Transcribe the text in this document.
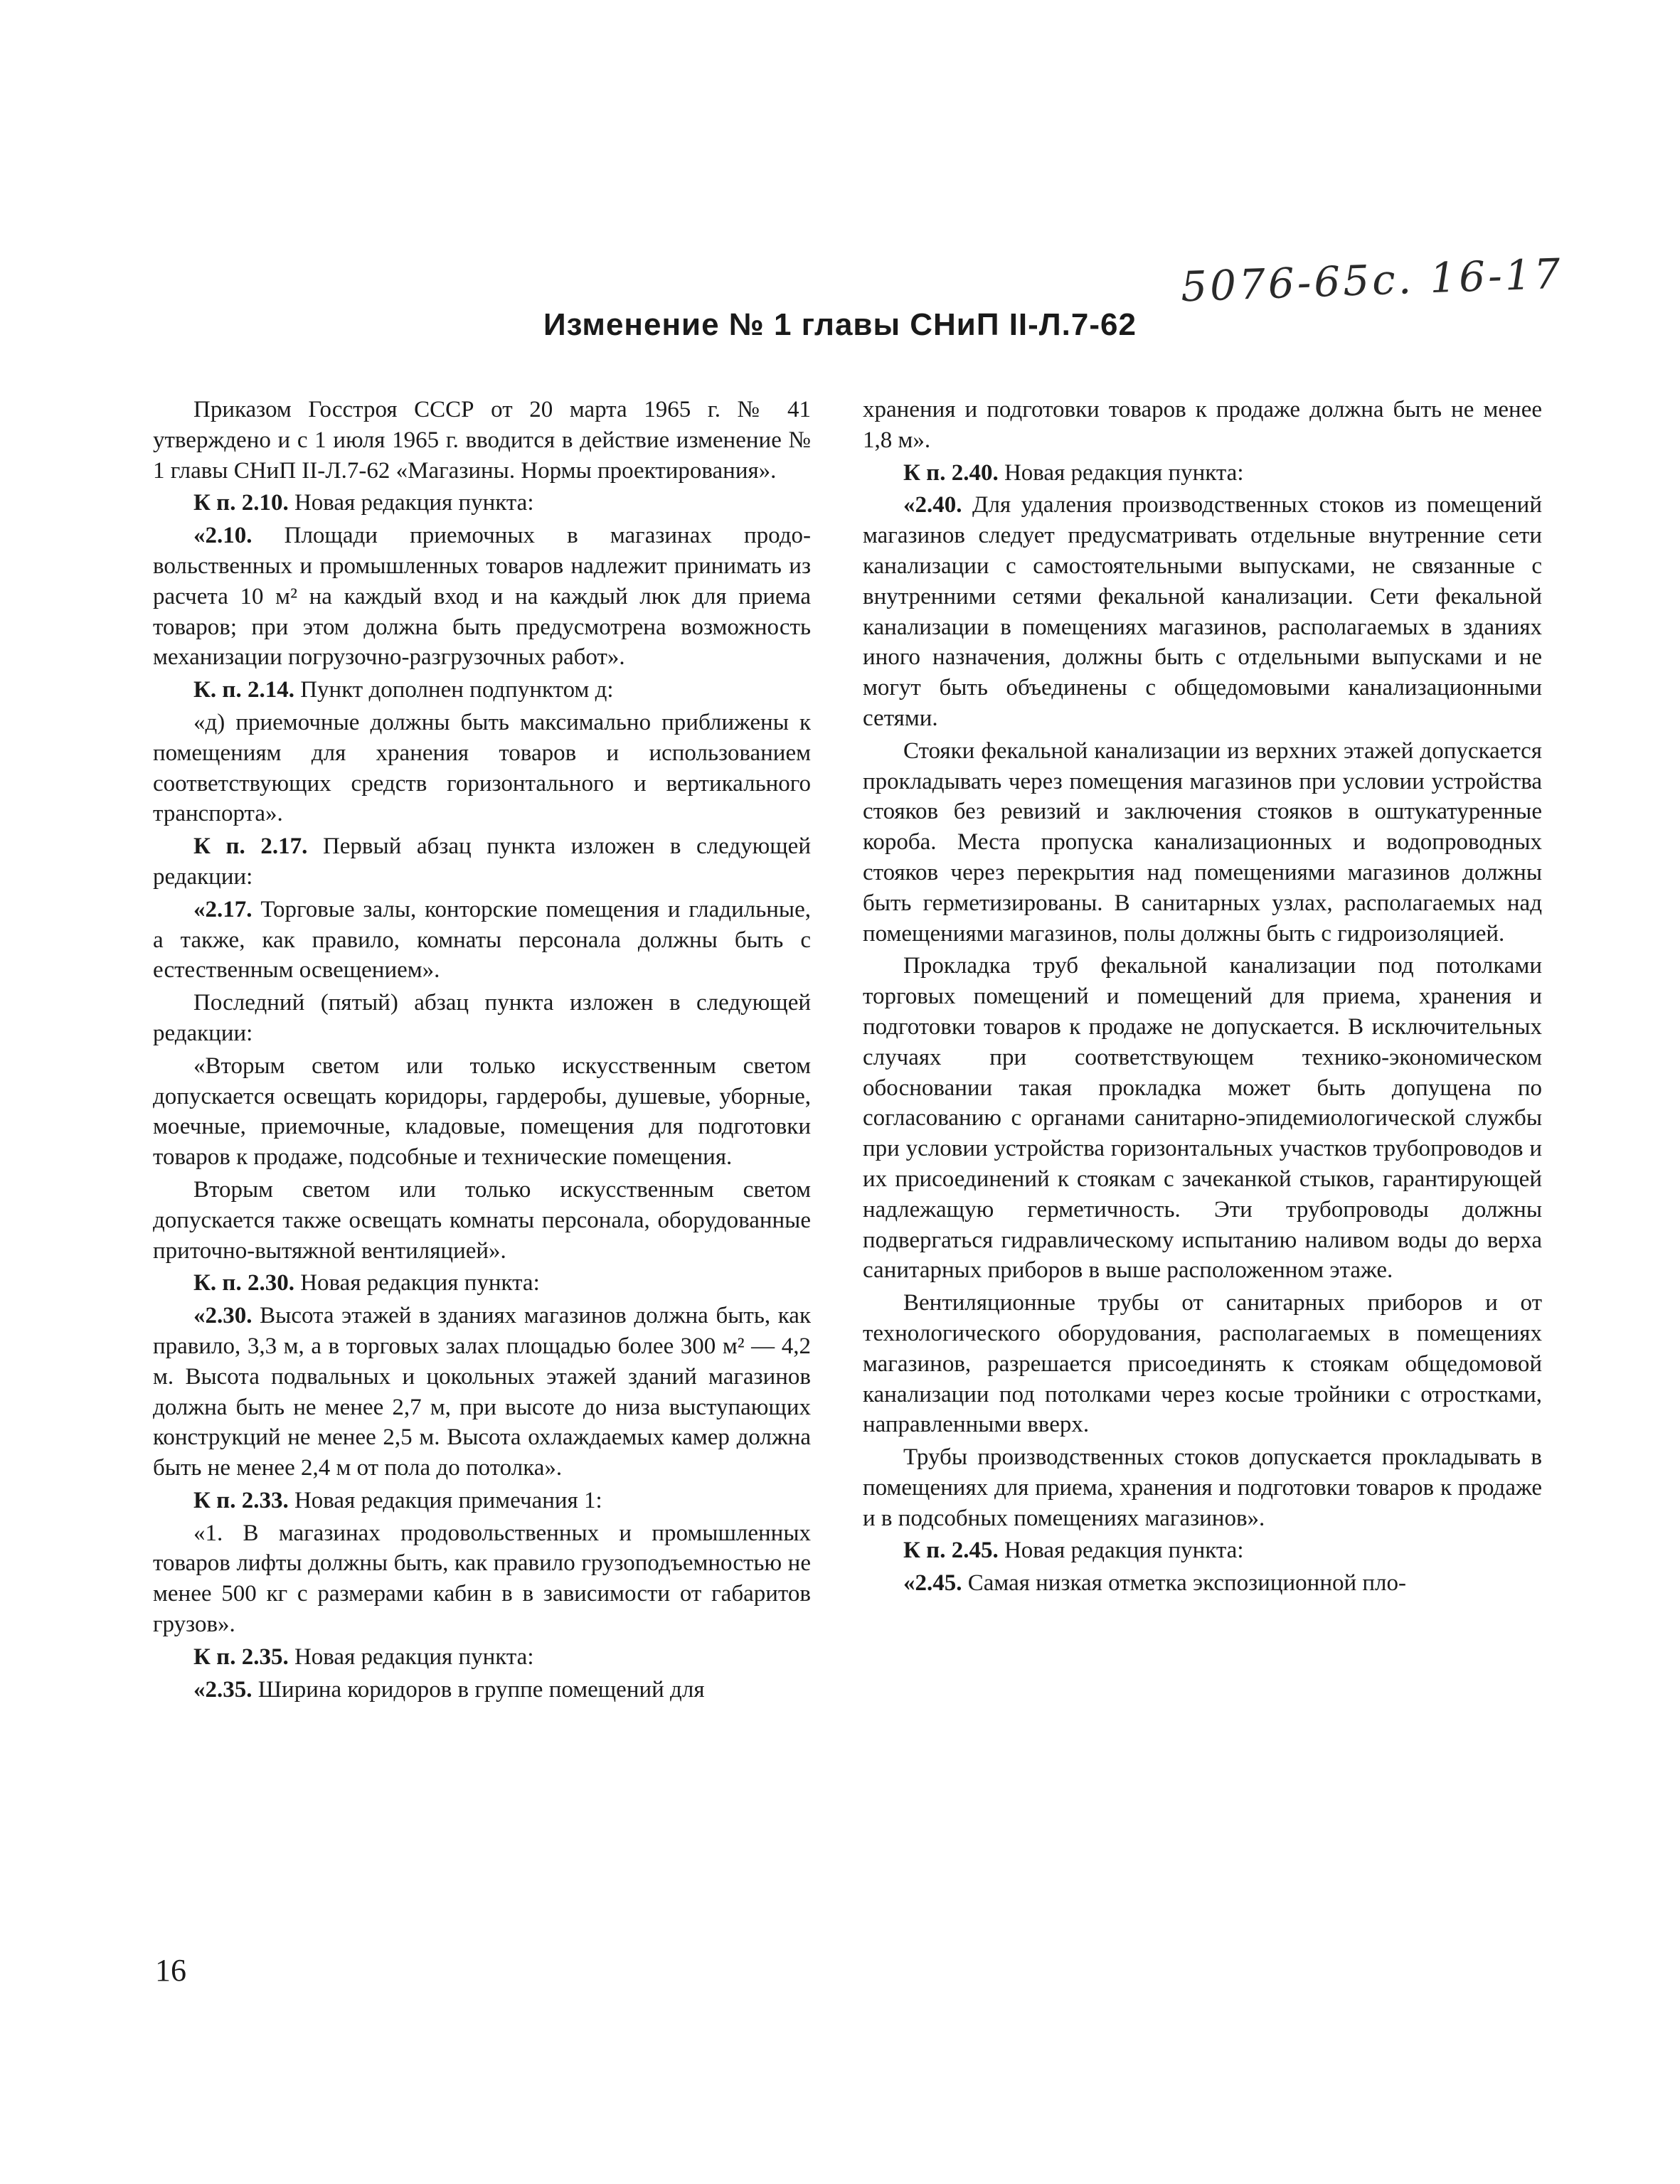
5076-65с. 16-17
Изменение № 1 главы СНиП II-Л.7-62

Приказом Госстроя СССР от 20 марта 1965 г. № 41 утверждено и с 1 июля 1965 г. вводится в действие изменение № 1 главы СНиП II-Л.7-62 «Магазины. Нормы проектирования».

К п. 2.10. Новая редакция пункта:

«2.10. Площади приемочных в магазинах продовольственных и промышленных товаров надлежит принимать из расчета 10 м² на каждый вход и на каждый люк для приема товаров; при этом должна быть предусмотрена возможность механизации погрузочно-разгрузочных работ».

К. п. 2.14. Пункт дополнен подпунктом д:

«д) приемочные должны быть максимально приближены к помещениям для хранения товаров и использованием соответствующих средств горизонтального и вертикального транспорта».

К п. 2.17. Первый абзац пункта изложен в следующей редакции:

«2.17. Торговые залы, конторские помещения и гладильные, а также, как правило, комнаты персонала должны быть с естественным освещением».

Последний (пятый) абзац пункта изложен в следующей редакции:

«Вторым светом или только искусственным светом допускается освещать коридоры, гардеробы, душевые, уборные, моечные, приемочные, кладовые, помещения для подготовки товаров к продаже, подсобные и технические помещения.

Вторым светом или только искусственным светом допускается также освещать комнаты персонала, оборудованные приточно-вытяжной вентиляцией».

К. п. 2.30. Новая редакция пункта:

«2.30. Высота этажей в зданиях магазинов должна быть, как правило, 3,3 м, а в торговых залах площадью более 300 м² — 4,2 м. Высота подвальных и цокольных этажей зданий магазинов должна быть не менее 2,7 м, при высоте до низа выступающих конструкций не менее 2,5 м. Высота охлаждаемых камер должна быть не менее 2,4 м от пола до потолка».

К п. 2.33. Новая редакция примечания 1:

«1. В магазинах продовольственных и промышленных товаров лифты должны быть, как правило грузоподъемностью не менее 500 кг с размерами кабин в в зависимости от габаритов грузов».

К п. 2.35. Новая редакция пункта:

«2.35. Ширина коридоров в группе помещений для

хранения и подготовки товаров к продаже должна быть не менее 1,8 м».

К п. 2.40. Новая редакция пункта:

«2.40. Для удаления производственных стоков из помещений магазинов следует предусматривать отдельные внутренние сети канализации с самостоятельными выпусками, не связанные с внутренними сетями фекальной канализации. Сети фекальной канализации в помещениях магазинов, располагаемых в зданиях иного назначения, должны быть с отдельными выпусками и не могут быть объединены с общедомовыми канализационными сетями.

Стояки фекальной канализации из верхних этажей допускается прокладывать через помещения магазинов при условии устройства стояков без ревизий и заключения стояков в оштукатуренные короба. Места пропуска канализационных и водопроводных стояков через перекрытия над помещениями магазинов должны быть герметизированы. В санитарных узлах, располагаемых над помещениями магазинов, полы должны быть с гидроизоляцией.

Прокладка труб фекальной канализации под потолками торговых помещений и помещений для приема, хранения и подготовки товаров к продаже не допускается. В исключительных случаях при соответствующем технико-экономическом обосновании такая прокладка может быть допущена по согласованию с органами санитарно-эпидемиологической службы при условии устройства горизонтальных участков трубопроводов и их присоединений к стоякам с зачеканкой стыков, гарантирующей надлежащую герметичность. Эти трубопроводы должны подвергаться гидравлическому испытанию наливом воды до верха санитарных приборов в выше расположенном этаже.

Вентиляционные трубы от санитарных приборов и от технологического оборудования, располагаемых в помещениях магазинов, разрешается присоединять к стоякам общедомовой канализации под потолками через косые тройники с отростками, направленными вверх.

Трубы производственных стоков допускается прокладывать в помещениях для приема, хранения и подготовки товаров к продаже и в подсобных помещениях магазинов».

К п. 2.45. Новая редакция пункта:

«2.45. Самая низкая отметка экспозиционной пло-

16
